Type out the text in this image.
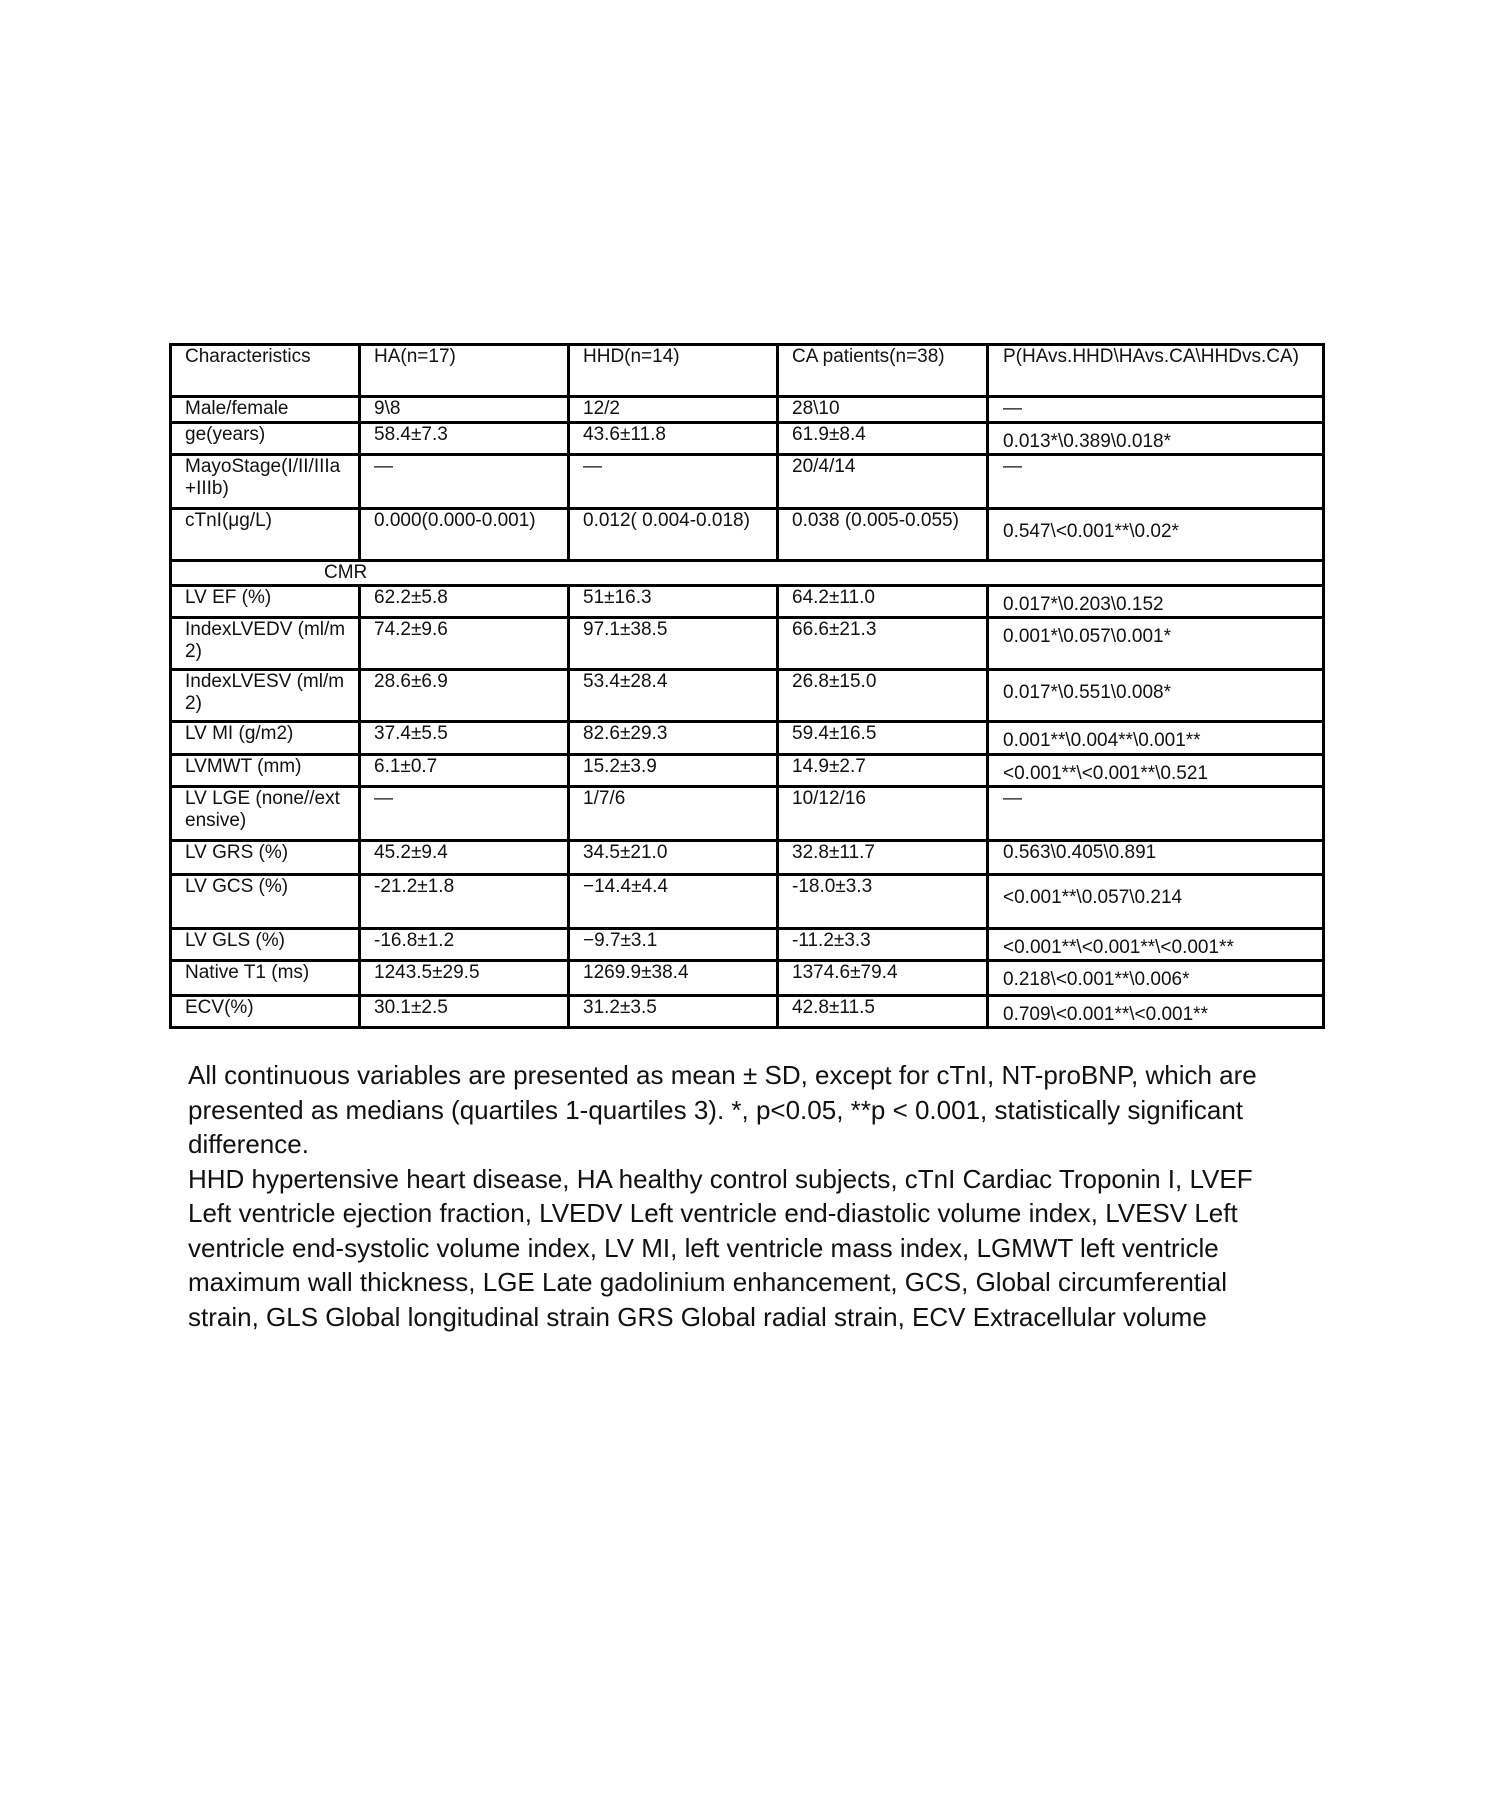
Characteristics	HA(n=17)	HHD(n=14)	CA patients(n=38)	P(HAvs.HHD\HAvs.CA\HHDvs.CA)
Male/female	9\8	12/2	28\10	—
ge(years)	58.4±7.3	43.6±11.8	61.9±8.4	0.013*\0.389\0.018*
MayoStage(I/II/IIIa +IIIb)	—	—	20/4/14	—
cTnI(μg/L)	0.000(0.000-0.001)	0.012( 0.004-0.018)	0.038 (0.005-0.055)	0.547\<0.001**\0.02*
CMR				
LV EF (%)	62.2±5.8	51±16.3	64.2±11.0	0.017*\0.203\0.152
IndexLVEDV (ml/m2)	74.2±9.6	97.1±38.5	66.6±21.3	0.001*\0.057\0.001*
IndexLVESV (ml/m2)	28.6±6.9	53.4±28.4	26.8±15.0	0.017*\0.551\0.008*
LV MI (g/m2)	37.4±5.5	82.6±29.3	59.4±16.5	0.001**\0.004**\0.001**
LVMWT (mm)	6.1±0.7	15.2±3.9	14.9±2.7	<0.001**\<0.001**\0.521
LV LGE (none//extensive)	—	1/7/6	10/12/16	—
LV GRS (%)	45.2±9.4	34.5±21.0	32.8±11.7	0.563\0.405\0.891
LV GCS (%)	-21.2±1.8	−14.4±4.4	-18.0±3.3	<0.001**\0.057\0.214
LV GLS (%)	-16.8±1.2	−9.7±3.1	-11.2±3.3	<0.001**\<0.001**\<0.001**
Native T1 (ms)	1243.5±29.5	1269.9±38.4	1374.6±79.4	0.218\<0.001**\0.006*
ECV(%)	30.1±2.5	31.2±3.5	42.8±11.5	0.709\<0.001**\<0.001**
All continuous variables are presented as mean ± SD, except for cTnI, NT-proBNP, which are
presented as medians (quartiles 1-quartiles 3). *, p<0.05, **p < 0.001, statistically significant
difference.
HHD hypertensive heart disease, HA healthy control subjects, cTnI Cardiac Troponin I, LVEF
Left ventricle ejection fraction, LVEDV Left ventricle end-diastolic volume index, LVESV Left
ventricle end-systolic volume index, LV MI, left ventricle mass index, LGMWT left ventricle
maximum wall thickness, LGE Late gadolinium enhancement, GCS, Global circumferential
strain, GLS Global longitudinal strain GRS Global radial strain, ECV Extracellular volume
